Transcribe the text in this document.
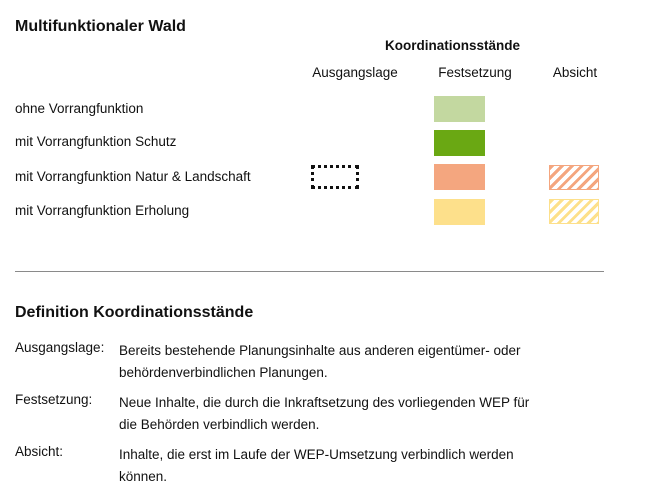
Multifunktionaler Wald
Koordinationsstände
Ausgangslage	Festsetzung	Absicht
ohne Vorrangfunktion
mit Vorrangfunktion Schutz
mit Vorrangfunktion Natur & Landschaft
mit Vorrangfunktion Erholung
Definition Koordinationsstände
Ausgangslage:	Bereits bestehende Planungsinhalte aus anderen eigentümer- oder
behördenverbindlichen Planungen.
Festsetzung:	Neue Inhalte, die durch die Inkraftsetzung des vorliegenden WEP für
die Behörden verbindlich werden.
Absicht:	Inhalte, die erst im Laufe der WEP-Umsetzung verbindlich werden
können.
